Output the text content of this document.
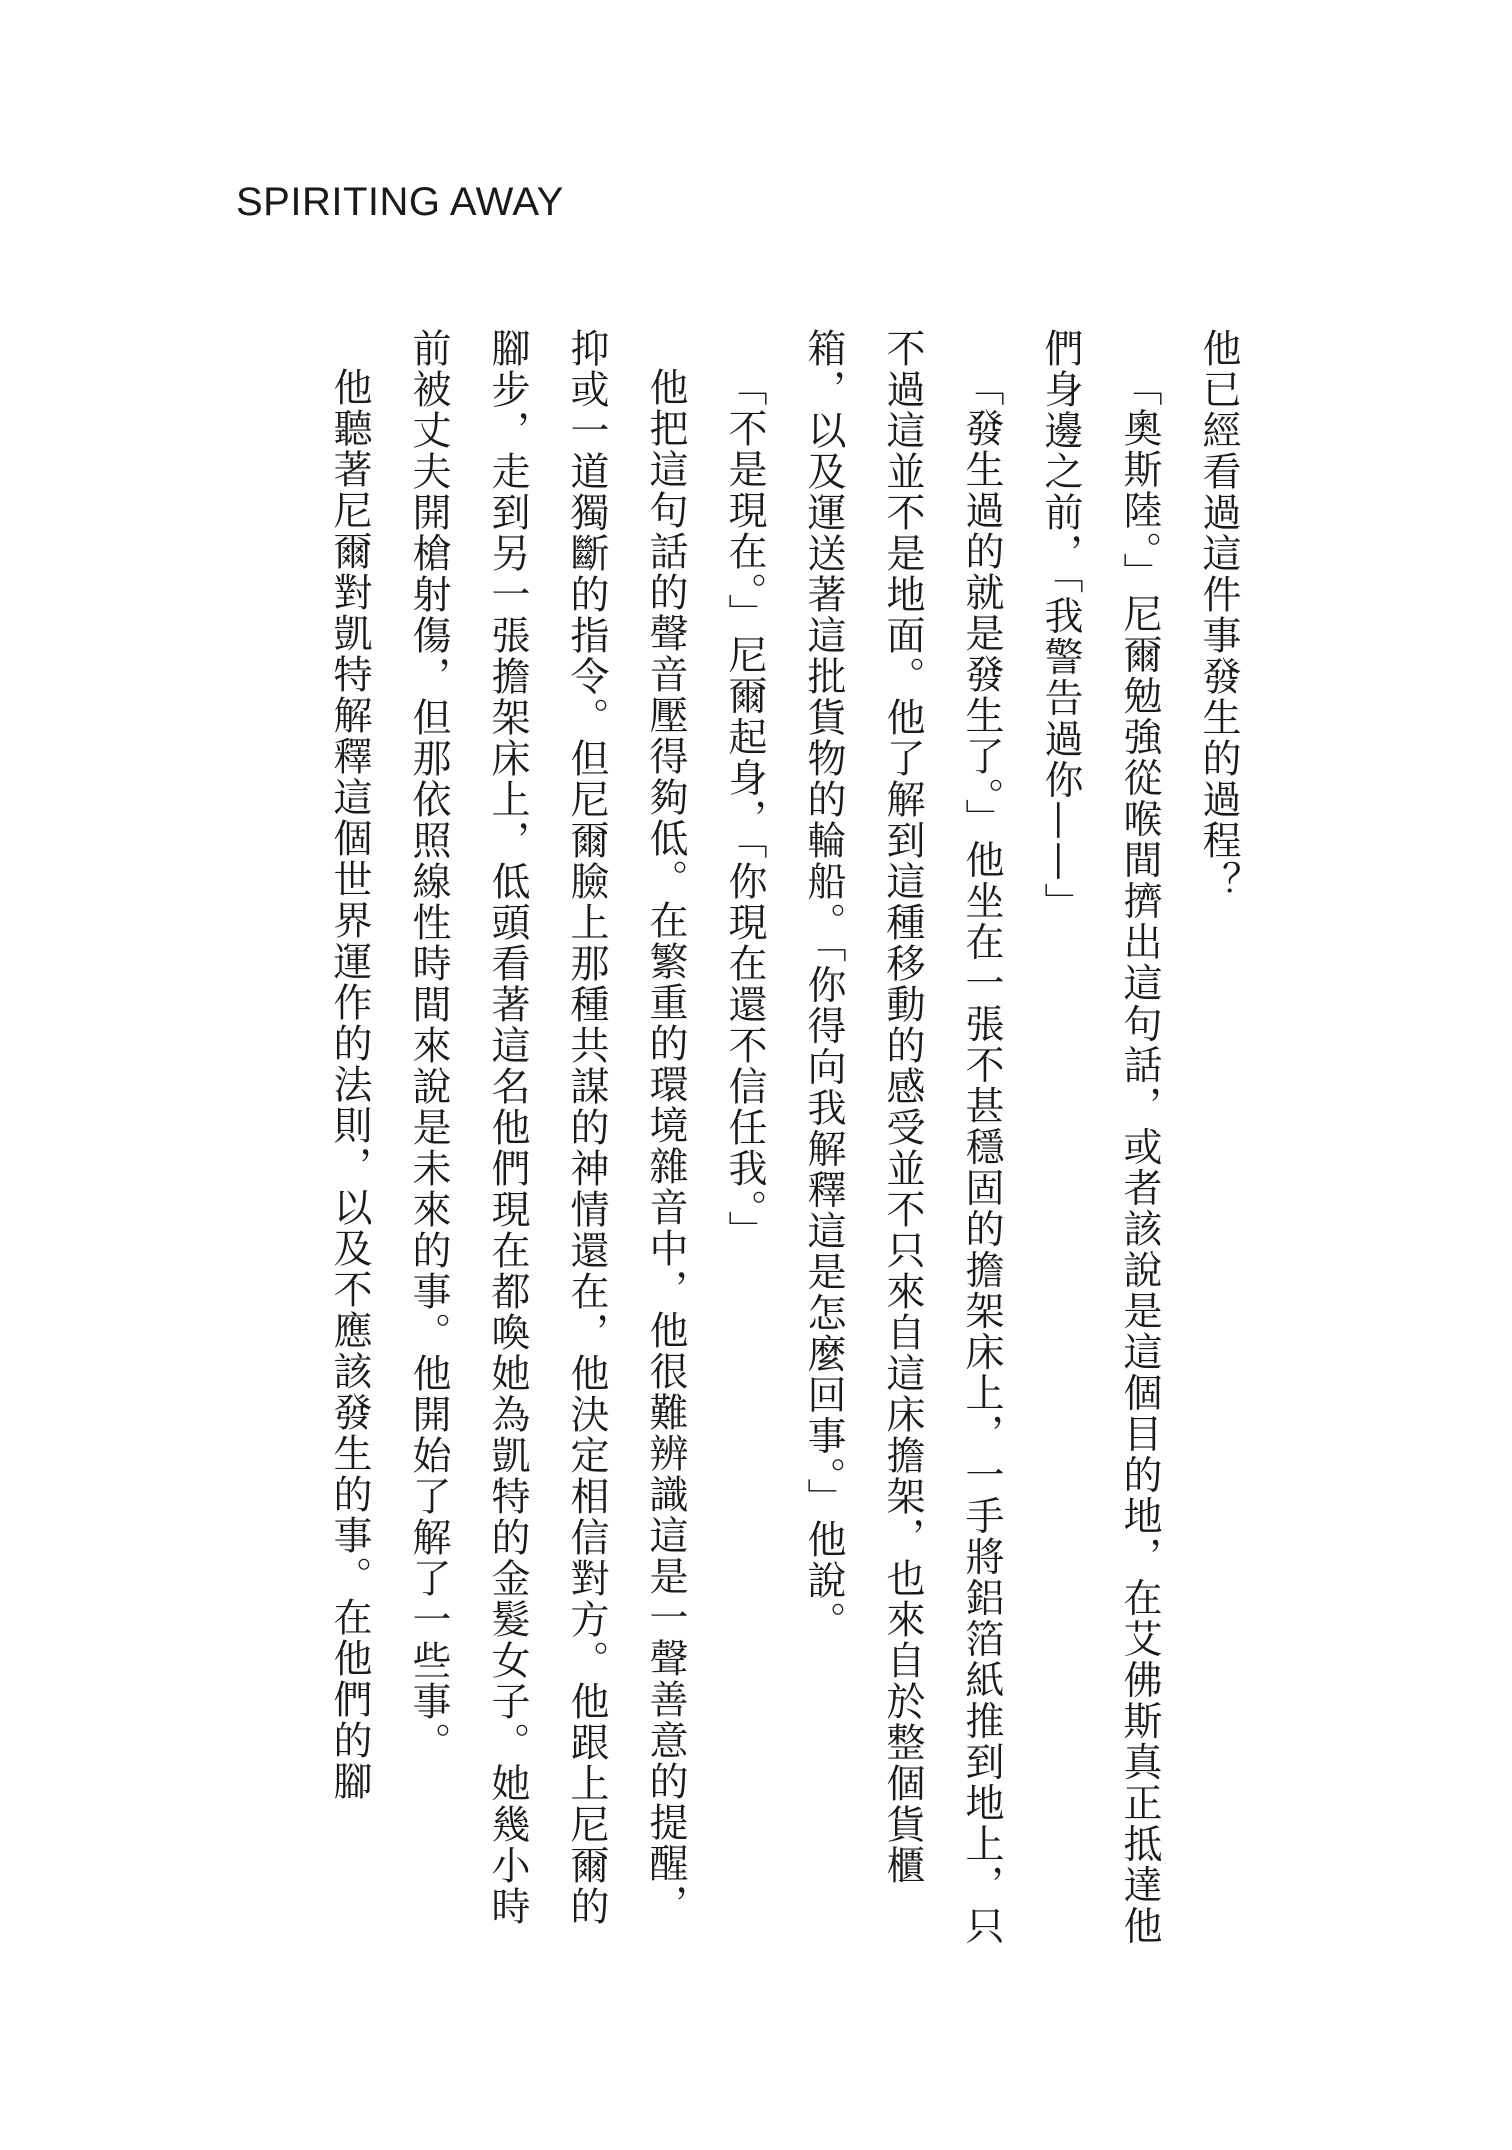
SPIRITING AWAY

他已經看過這件事發生的過程？

「奧斯陸。」尼爾勉強從喉間擠出這句話，或者該說是這個目的地，在艾佛斯真正抵達他們身邊之前，「我警告過你——」

「發生過的就是發生了。」他坐在一張不甚穩固的擔架床上，一手將鋁箔紙推到地上，只不過這並不是地面。他了解到這種移動的感受並不只來自這床擔架，也來自於整個貨櫃箱，以及運送著這批貨物的輪船。「你得向我解釋這是怎麼回事。」他說。

「不是現在。」尼爾起身，「你現在還不信任我。」

他把這句話的聲音壓得夠低。在繁重的環境雜音中，他很難辨識這是一聲善意的提醒，抑或一道獨斷的指令。但尼爾臉上那種共謀的神情還在，他決定相信對方。他跟上尼爾的腳步，走到另一張擔架床上，低頭看著這名他們現在都喚她為凱特的金髮女子。她幾小時前被丈夫開槍射傷，但那依照線性時間來說是未來的事。他開始了解了一些事。

他聽著尼爾對凱特解釋這個世界運作的法則，以及不應該發生的事。在他們的腳
